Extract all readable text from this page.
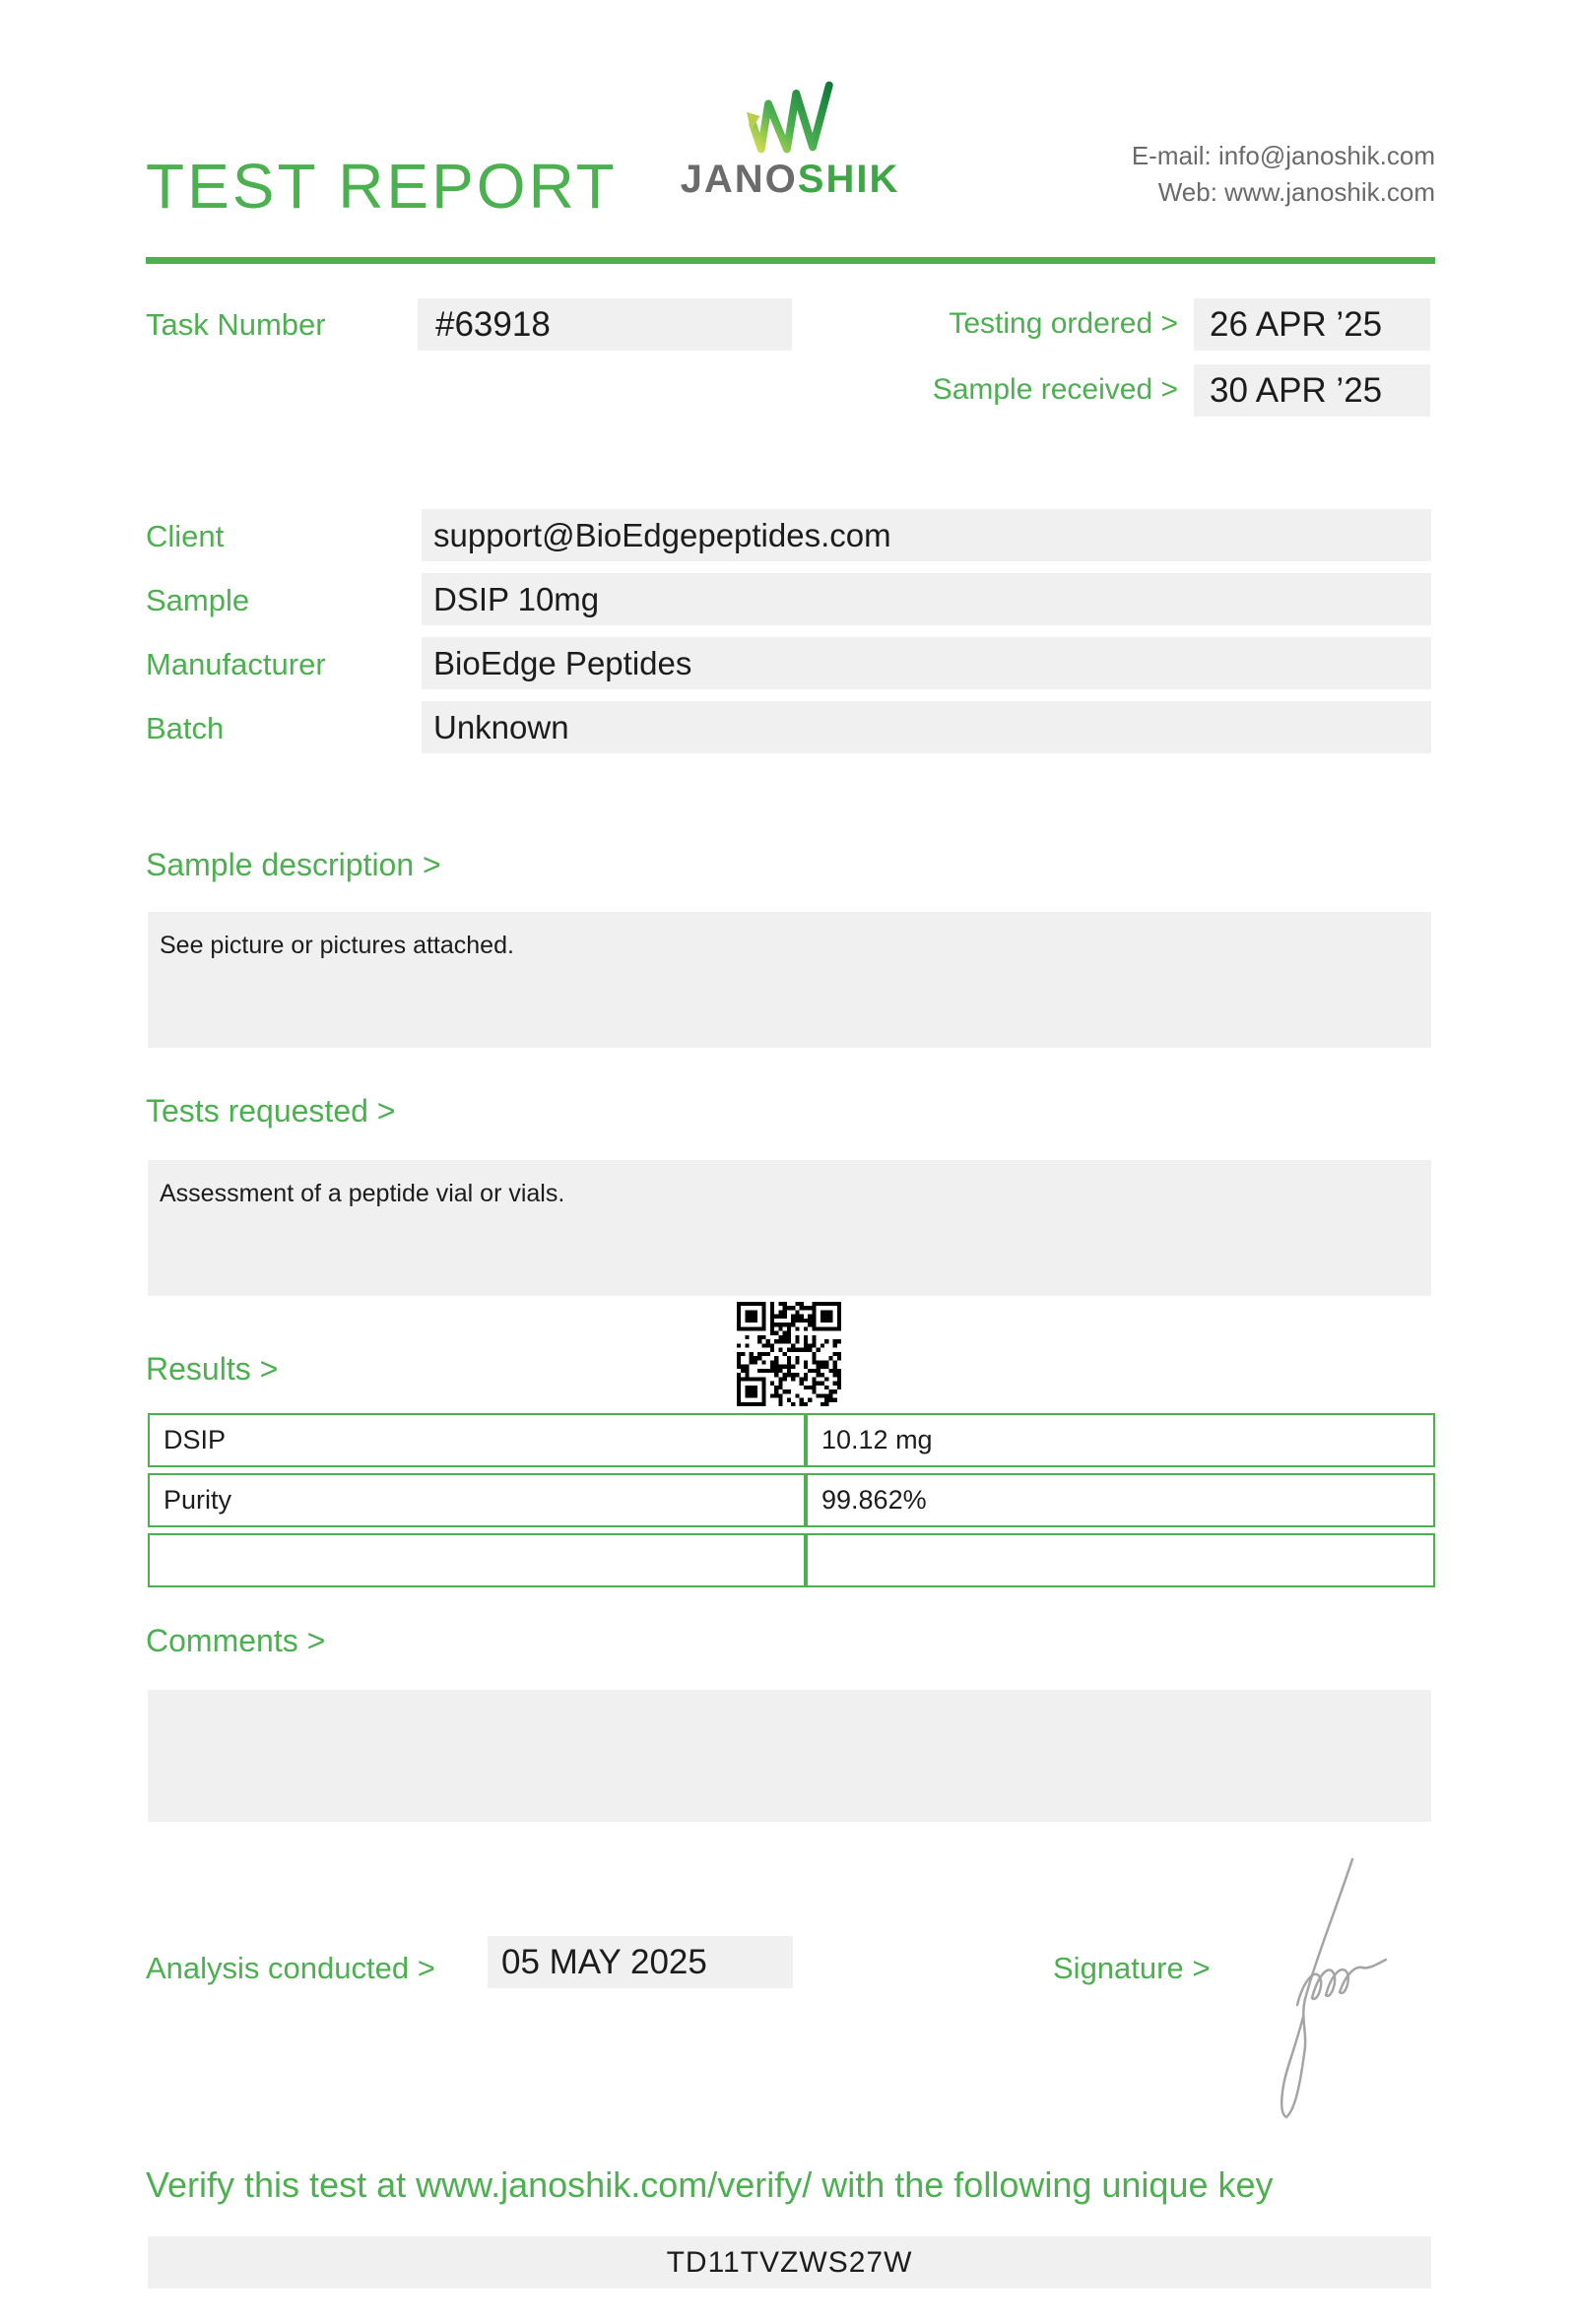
TEST REPORT JANOSHIK
E-mail: info@janoshik.com
Web: www.janoshik.com
Task Number	#63918	Testing ordered > 26 APR ’25
Sample received > 30 APR ’25
Client	support@BioEdgepeptides.com
Sample	DSIP 10mg
Manufacturer	BioEdge Peptides
Batch	Unknown
Sample description >
See picture or pictures attached.
Tests requested >
Assessment of a peptide vial or vials.
Results >
DSIP	10.12 mg
Purity	99.862%

Comments >
Analysis conducted >	05 MAY 2025	Signature >
Verify this test at www.janoshik.com/verify/ with the following unique key
TD11TVZWS27W
